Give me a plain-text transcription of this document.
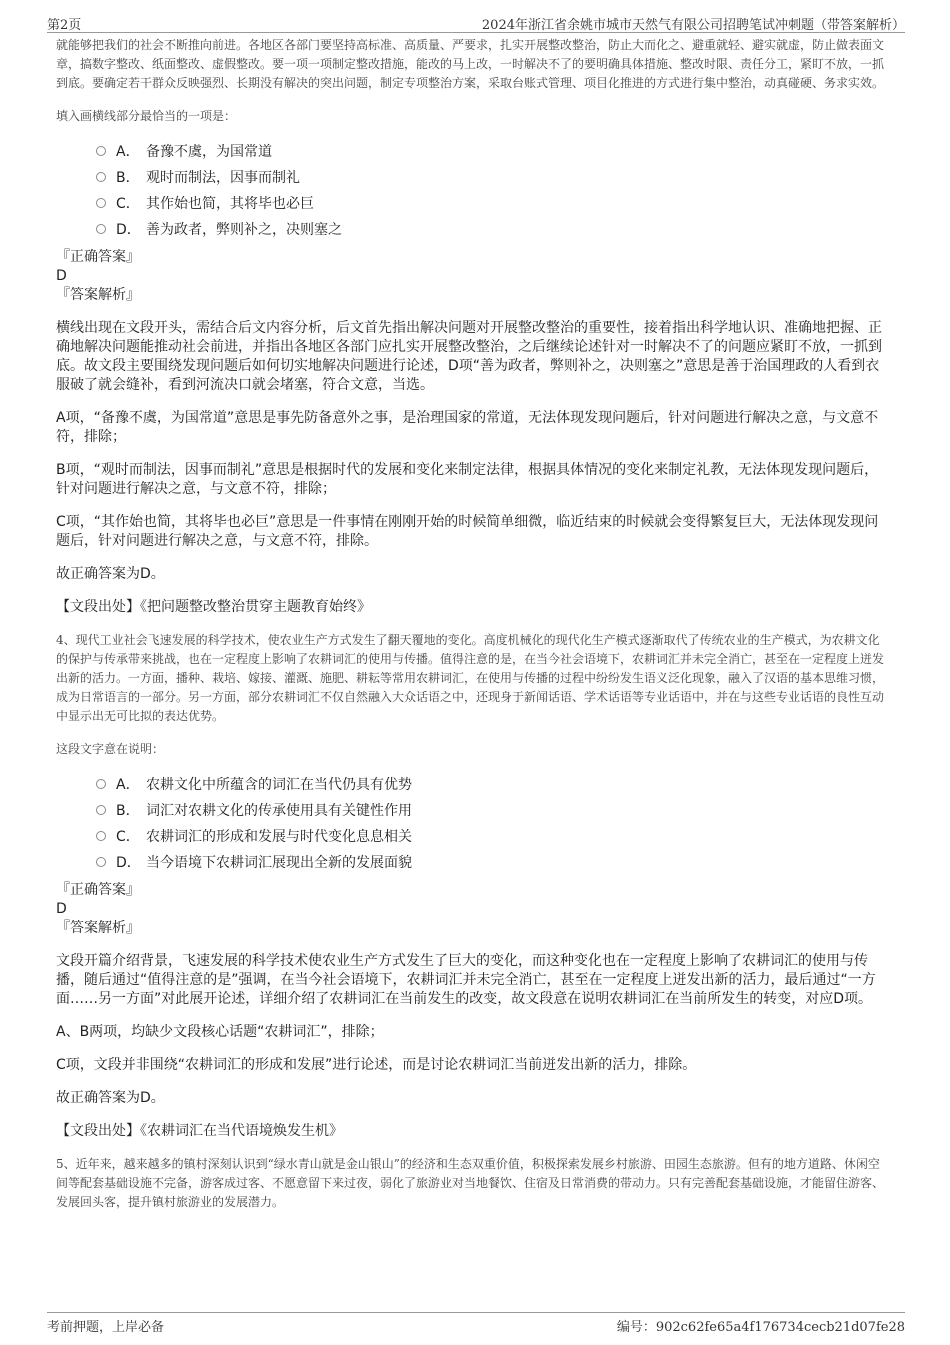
第2页	2024年浙江省余姚市城市天然气有限公司招聘笔试冲刺题（带答案解析）

就能够把我们的社会不断推向前进。各地区各部门要坚持高标准、高质量、严要求，扎实开展整改整治，防止大而化之、避重就轻、避实就虚，防止做表面文章，搞数字整改、纸面整改、虚假整改。要一项一项制定整改措施，能改的马上改，一时解决不了的要明确具体措施、整改时限、责任分工，紧盯不放，一抓到底。要确定若干群众反映强烈、长期没有解决的突出问题，制定专项整治方案，采取台账式管理、项目化推进的方式进行集中整治，动真碰硬、务求实效。

填入画横线部分最恰当的一项是：

A． 备豫不虞，为国常道
B． 观时而制法，因事而制礼
C． 其作始也简，其将毕也必巨
D． 善为政者，弊则补之，决则塞之

『正确答案』

D

『答案解析』

横线出现在文段开头，需结合后文内容分析，后文首先指出解决问题对开展整改整治的重要性，接着指出科学地认识、准确地把握、正确地解决问题能推动社会前进，并指出各地区各部门应扎实开展整改整治，之后继续论述针对一时解决不了的问题应紧盯不放，一抓到底。故文段主要围绕发现问题后如何切实地解决问题进行论述，D项“善为政者，弊则补之，决则塞之”意思是善于治国理政的人看到衣服破了就会缝补，看到河流决口就会堵塞，符合文意，当选。

A项，“备豫不虞，为国常道”意思是事先防备意外之事，是治理国家的常道，无法体现发现问题后，针对问题进行解决之意，与文意不符，排除；

B项，“观时而制法，因事而制礼”意思是根据时代的发展和变化来制定法律，根据具体情况的变化来制定礼教，无法体现发现问题后，针对问题进行解决之意，与文意不符，排除；

C项，“其作始也简，其将毕也必巨”意思是一件事情在刚刚开始的时候简单细微，临近结束的时候就会变得繁复巨大，无法体现发现问题后，针对问题进行解决之意，与文意不符，排除。

故正确答案为D。

【文段出处】《把问题整改整治贯穿主题教育始终》

4、现代工业社会飞速发展的科学技术，使农业生产方式发生了翻天覆地的变化。高度机械化的现代化生产模式逐渐取代了传统农业的生产模式，为农耕文化的保护与传承带来挑战，也在一定程度上影响了农耕词汇的使用与传播。值得注意的是，在当今社会语境下，农耕词汇并未完全消亡，甚至在一定程度上迸发出新的活力。一方面，播种、栽培、嫁接、灌溉、施肥、耕耘等常用农耕词汇，在使用与传播的过程中纷纷发生语义泛化现象，融入了汉语的基本思维习惯，成为日常语言的一部分。另一方面，部分农耕词汇不仅自然融入大众话语之中，还现身于新闻话语、学术话语等专业话语中，并在与这些专业话语的良性互动中显示出无可比拟的表达优势。

这段文字意在说明：

A． 农耕文化中所蕴含的词汇在当代仍具有优势
B． 词汇对农耕文化的传承使用具有关键性作用
C． 农耕词汇的形成和发展与时代变化息息相关
D． 当今语境下农耕词汇展现出全新的发展面貌

『正确答案』

D

『答案解析』

文段开篇介绍背景，飞速发展的科学技术使农业生产方式发生了巨大的变化，而这种变化也在一定程度上影响了农耕词汇的使用与传播，随后通过“值得注意的是”强调，在当今社会语境下，农耕词汇并未完全消亡，甚至在一定程度上迸发出新的活力，最后通过“一方面……另一方面”对此展开论述，详细介绍了农耕词汇在当前发生的改变，故文段意在说明农耕词汇在当前所发生的转变，对应D项。

A、B两项，均缺少文段核心话题“农耕词汇”，排除；

C项，文段并非围绕“农耕词汇的形成和发展”进行论述，而是讨论农耕词汇当前迸发出新的活力，排除。

故正确答案为D。

【文段出处】《农耕词汇在当代语境焕发生机》

5、近年来，越来越多的镇村深刻认识到“绿水青山就是金山银山”的经济和生态双重价值，积极探索发展乡村旅游、田园生态旅游。但有的地方道路、休闲空间等配套基础设施不完备，游客成过客、不愿意留下来过夜，弱化了旅游业对当地餐饮、住宿及日常消费的带动力。只有完善配套基础设施，才能留住游客、发展回头客，提升镇村旅游业的发展潜力。

考前押题，上岸必备	编号：902c62fe65a4f176734cecb21d07fe28
